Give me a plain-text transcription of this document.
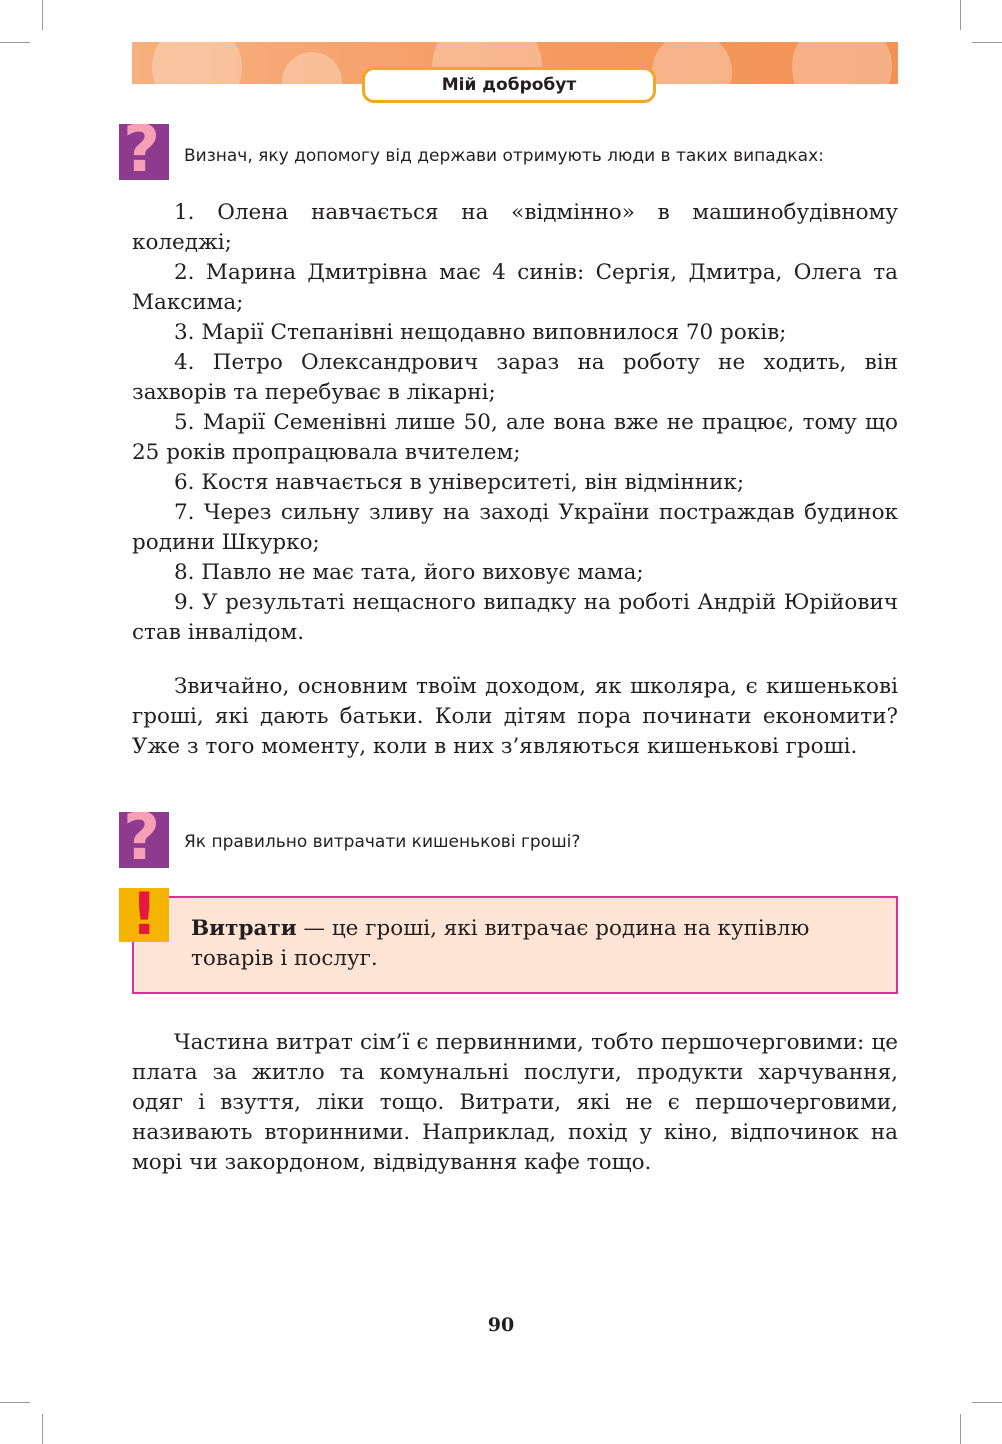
Мій добробут
? Визнач, яку допомогу від держави отримують люди в таких випадках:
1. Олена навчається на «відмінно» в машинобудівному коледжі;
2. Марина Дмитрівна має 4 синів: Сергія, Дмитра, Олега та Максима;
3. Марії Степанівні нещодавно виповнилося 70 років;
4. Петро Олександрович зараз на роботу не ходить, він захворів та перебуває в лікарні;
5. Марії Семенівні лише 50, але вона вже не працює, тому що 25 років пропрацювала вчителем;
6. Костя навчається в університеті, він відмінник;
7. Через сильну зливу на заході України постраждав будинок родини Шкурко;
8. Павло не має тата, його виховує мама;
9. У результаті нещасного випадку на роботі Андрій Юрійович став інвалідом.

Звичайно, основним твоїм доходом, як школяра, є кишенькові гроші, які дають батьки. Коли дітям пора починати економити? Уже з того моменту, коли в них з’являються кишенькові гроші.

? Як правильно витрачати кишенькові гроші?

Витрати — це гроші, які витрачає родина на купівлю товарів і послуг.

!

Частина витрат сім’ї є первинними, тобто першочерговими: це плата за житло та комунальні послуги, продукти харчування, одяг і взуття, ліки тощо. Витрати, які не є першочерговими, називають вторинними. Наприклад, похід у кіно, відпочинок на морі чи закордоном, відвідування кафе тощо.

90
